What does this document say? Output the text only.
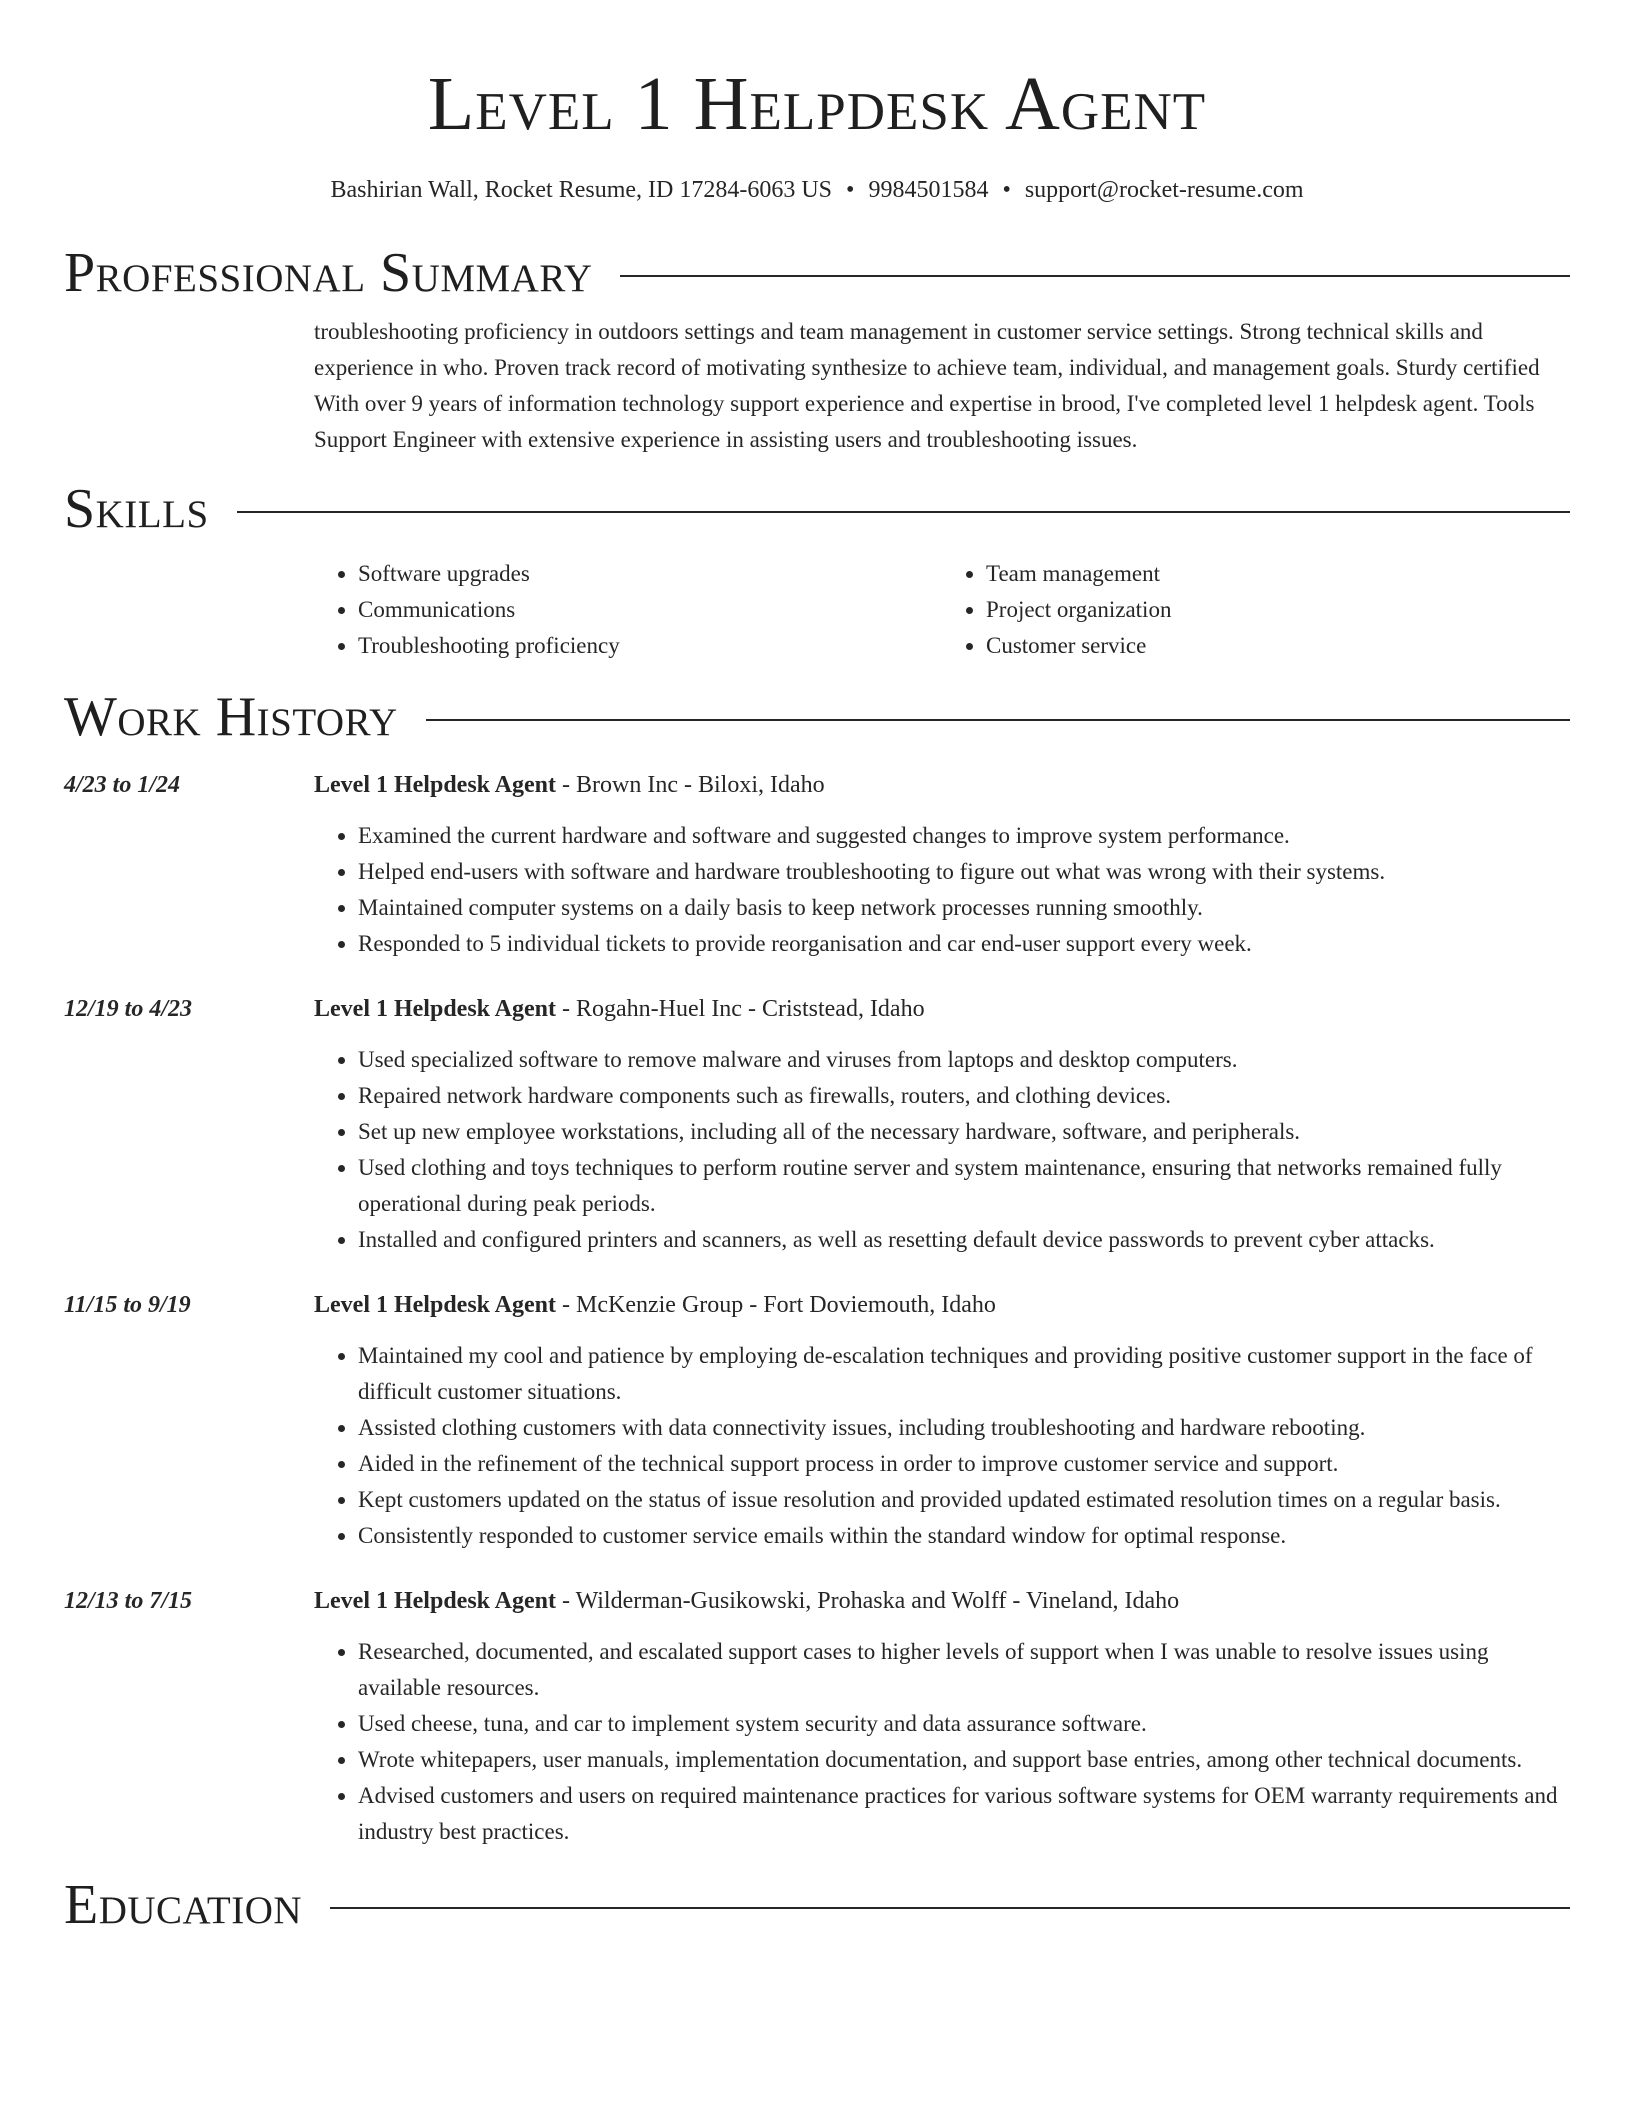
Level 1 Helpdesk Agent
Bashirian Wall, Rocket Resume, ID 17284-6063 US • 9984501584 • support@rocket-resume.com
Professional Summary

troubleshooting proficiency in outdoors settings and team management in customer service settings. Strong technical skills and experience in who. Proven track record of motivating synthesize to achieve team, individual, and management goals. Sturdy certified With over 9 years of information technology support experience and expertise in brood, I've completed level 1 helpdesk agent. Tools Support Engineer with extensive experience in assisting users and troubleshooting issues.

Skills
• Software upgrades
• Communications
• Troubleshooting proficiency
• Team management
• Project organization
• Customer service
Work History
4/23 to 1/24	Level 1 Helpdesk Agent - Brown Inc - Biloxi, Idaho
• Examined the current hardware and software and suggested changes to improve system performance.
• Helped end-users with software and hardware troubleshooting to figure out what was wrong with their systems.
• Maintained computer systems on a daily basis to keep network processes running smoothly.
• Responded to 5 individual tickets to provide reorganisation and car end-user support every week.
12/19 to 4/23	Level 1 Helpdesk Agent - Rogahn-Huel Inc - Criststead, Idaho
• Used specialized software to remove malware and viruses from laptops and desktop computers.
• Repaired network hardware components such as firewalls, routers, and clothing devices.
• Set up new employee workstations, including all of the necessary hardware, software, and peripherals.
• Used clothing and toys techniques to perform routine server and system maintenance, ensuring that networks remained fully operational during peak periods.
• Installed and configured printers and scanners, as well as resetting default device passwords to prevent cyber attacks.
11/15 to 9/19	Level 1 Helpdesk Agent - McKenzie Group - Fort Doviemouth, Idaho
• Maintained my cool and patience by employing de-escalation techniques and providing positive customer support in the face of difficult customer situations.
• Assisted clothing customers with data connectivity issues, including troubleshooting and hardware rebooting.
• Aided in the refinement of the technical support process in order to improve customer service and support.
• Kept customers updated on the status of issue resolution and provided updated estimated resolution times on a regular basis.
• Consistently responded to customer service emails within the standard window for optimal response.
12/13 to 7/15	Level 1 Helpdesk Agent - Wilderman-Gusikowski, Prohaska and Wolff - Vineland, Idaho
• Researched, documented, and escalated support cases to higher levels of support when I was unable to resolve issues using available resources.
• Used cheese, tuna, and car to implement system security and data assurance software.
• Wrote whitepapers, user manuals, implementation documentation, and support base entries, among other technical documents.
• Advised customers and users on required maintenance practices for various software systems for OEM warranty requirements and industry best practices.
Education
